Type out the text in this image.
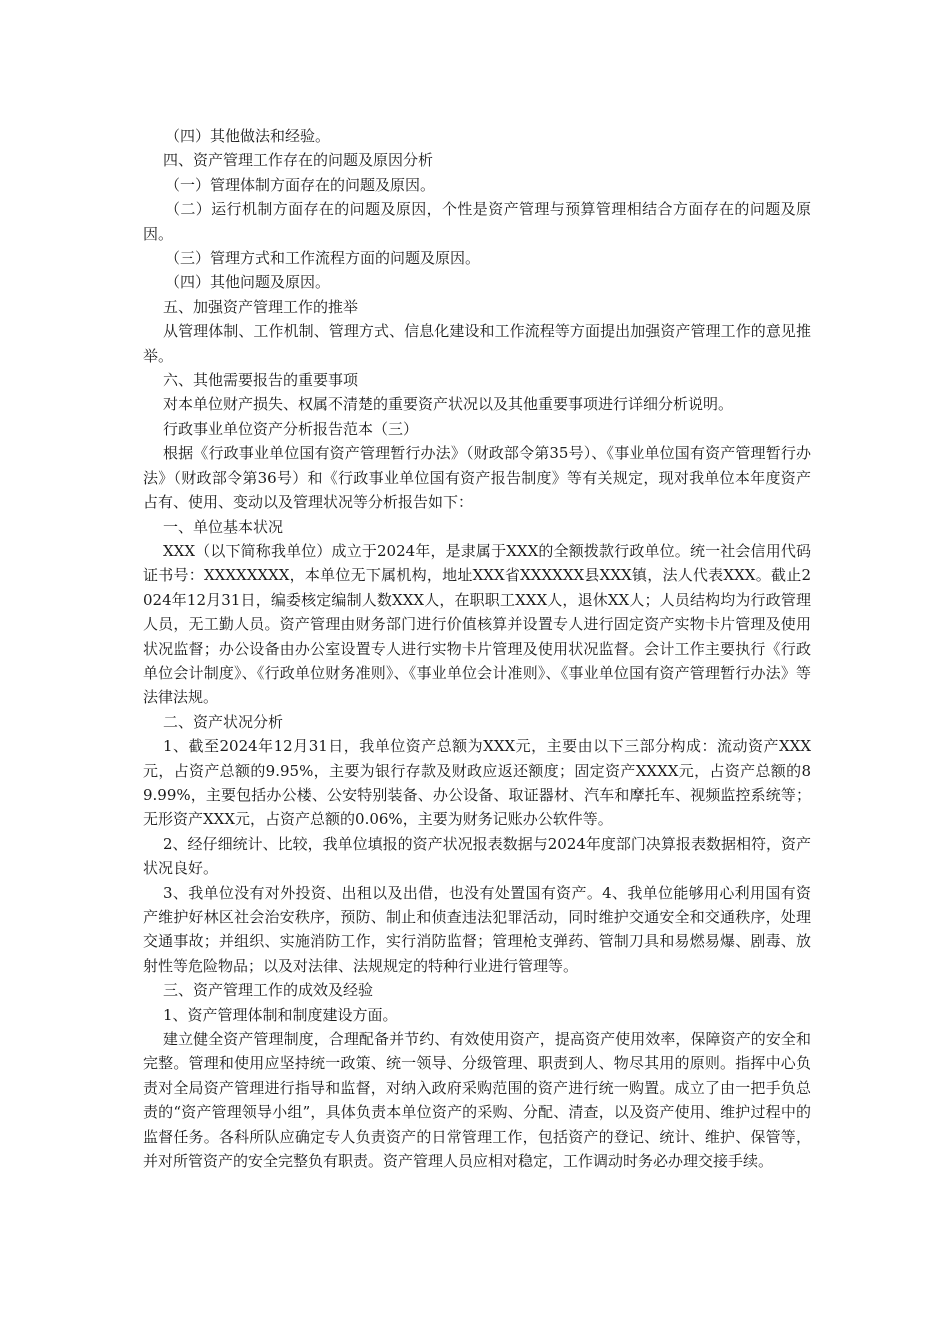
（四）其他做法和经验。

四、资产管理工作存在的问题及原因分析

（一）管理体制方面存在的问题及原因。

（二）运行机制方面存在的问题及原因，个性是资产管理与预算管理相结合方面存在的问题及原因。

（三）管理方式和工作流程方面的问题及原因。

（四）其他问题及原因。

五、加强资产管理工作的推举

从管理体制、工作机制、管理方式、信息化建设和工作流程等方面提出加强资产管理工作的意见推举。

六、其他需要报告的重要事项

对本单位财产损失、权属不清楚的重要资产状况以及其他重要事项进行详细分析说明。

行政事业单位资产分析报告范本（三）

根据《行政事业单位国有资产管理暂行办法》（财政部令第35号）、《事业单位国有资产管理暂行办法》（财政部令第36号）和《行政事业单位国有资产报告制度》等有关规定，现对我单位本年度资产占有、使用、变动以及管理状况等分析报告如下：

一、单位基本状况

XXX（以下简称我单位）成立于2024年，是隶属于XXX的全额拨款行政单位。统一社会信用代码证书号：XXXXXXXX，本单位无下属机构，地址XXX省XXXXXX县XXX镇，法人代表XXX。截止2024年12月31日，编委核定编制人数XXX人，在职职工XXX人，退休XX人；人员结构均为行政管理人员，无工勤人员。资产管理由财务部门进行价值核算并设置专人进行固定资产实物卡片管理及使用状况监督；办公设备由办公室设置专人进行实物卡片管理及使用状况监督。会计工作主要执行《行政单位会计制度》、《行政单位财务准则》、《事业单位会计准则》、《事业单位国有资产管理暂行办法》等法律法规。

二、资产状况分析

1、截至2024年12月31日，我单位资产总额为XXX元，主要由以下三部分构成：流动资产XXX元，占资产总额的9.95%，主要为银行存款及财政应返还额度；固定资产XXXX元，占资产总额的89.99%，主要包括办公楼、公安特别装备、办公设备、取证器材、汽车和摩托车、视频监控系统等；无形资产XXX元，占资产总额的0.06%，主要为财务记账办公软件等。

2、经仔细统计、比较，我单位填报的资产状况报表数据与2024年度部门决算报表数据相符，资产状况良好。

3、我单位没有对外投资、出租以及出借，也没有处置国有资产。4、我单位能够用心利用国有资产维护好林区社会治安秩序，预防、制止和侦查违法犯罪活动，同时维护交通安全和交通秩序，处理交通事故；并组织、实施消防工作，实行消防监督；管理枪支弹药、管制刀具和易燃易爆、剧毒、放射性等危险物品；以及对法律、法规规定的特种行业进行管理等。

三、资产管理工作的成效及经验

1、资产管理体制和制度建设方面。

建立健全资产管理制度，合理配备并节约、有效使用资产，提高资产使用效率，保障资产的安全和完整。管理和使用应坚持统一政策、统一领导、分级管理、职责到人、物尽其用的原则。指挥中心负责对全局资产管理进行指导和监督，对纳入政府采购范围的资产进行统一购置。成立了由一把手负总责的“资产管理领导小组”，具体负责本单位资产的采购、分配、清查，以及资产使用、维护过程中的监督任务。各科所队应确定专人负责资产的日常管理工作，包括资产的登记、统计、维护、保管等，并对所管资产的安全完整负有职责。资产管理人员应相对稳定，工作调动时务必办理交接手续。
